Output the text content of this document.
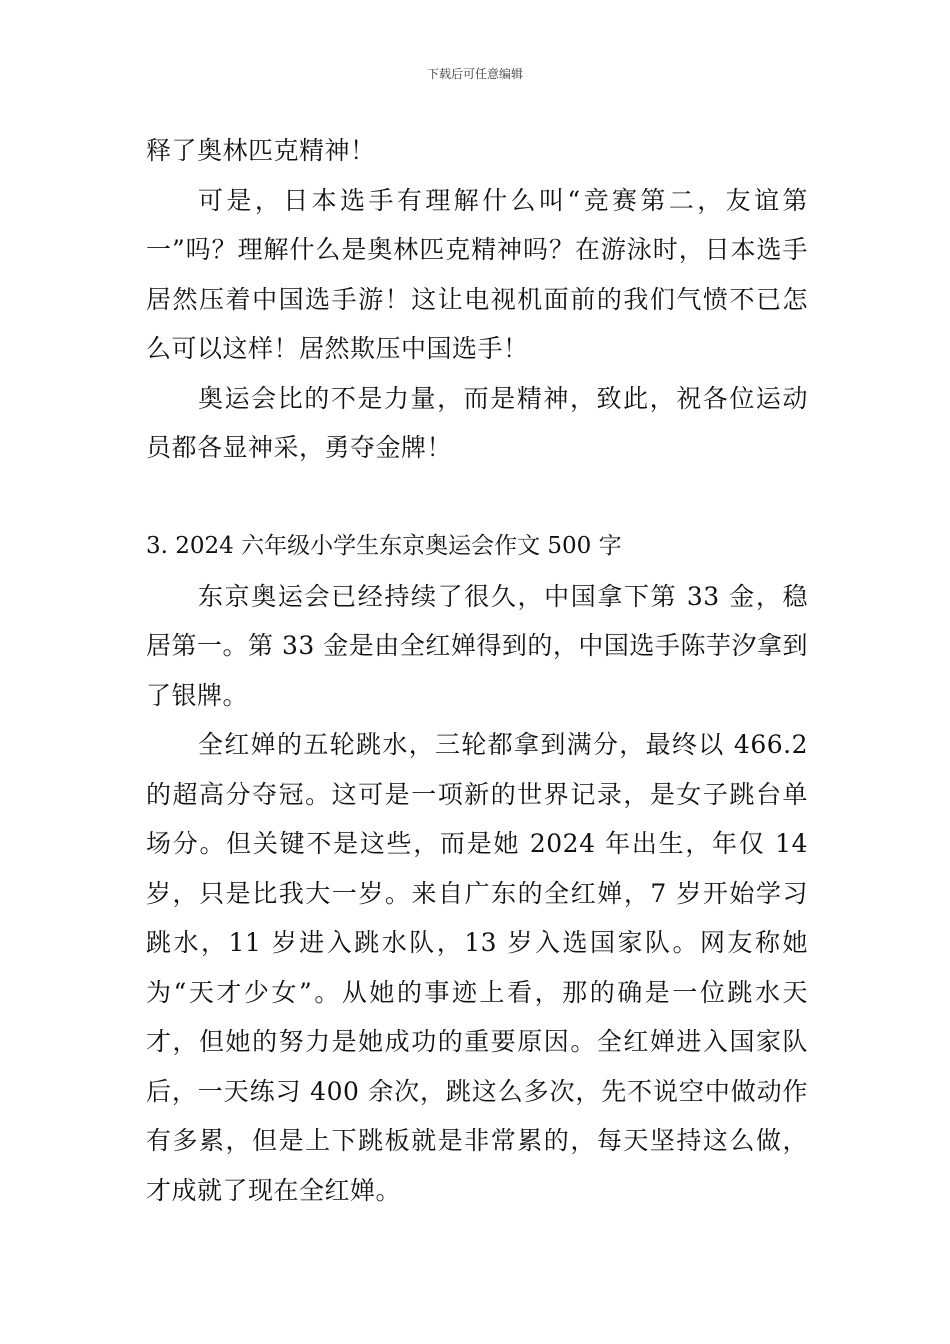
下载后可任意编辑

释了奥林匹克精神！

可是，日本选手有理解什么叫“竞赛第二，友谊第一”吗？理解什么是奥林匹克精神吗？在游泳时，日本选手居然压着中国选手游！这让电视机面前的我们气愤不已怎么可以这样！居然欺压中国选手！

奥运会比的不是力量，而是精神，致此，祝各位运动员都各显神采，勇夺金牌！

3. 2024 六年级小学生东京奥运会作文 500 字

东京奥运会已经持续了很久，中国拿下第 33 金，稳居第一。第 33 金是由全红婵得到的，中国选手陈芋汐拿到了银牌。

全红婵的五轮跳水，三轮都拿到满分，最终以 466.2 的超高分夺冠。这可是一项新的世界记录，是女子跳台单场分。但关键不是这些，而是她 2024 年出生，年仅 14 岁，只是比我大一岁。来自广东的全红婵，7 岁开始学习跳水，11 岁进入跳水队，13 岁入选国家队。网友称她为“天才少女”。从她的事迹上看，那的确是一位跳水天才，但她的努力是她成功的重要原因。全红婵进入国家队后，一天练习 400 余次，跳这么多次，先不说空中做动作有多累，但是上下跳板就是非常累的，每天坚持这么做，才成就了现在全红婵。
